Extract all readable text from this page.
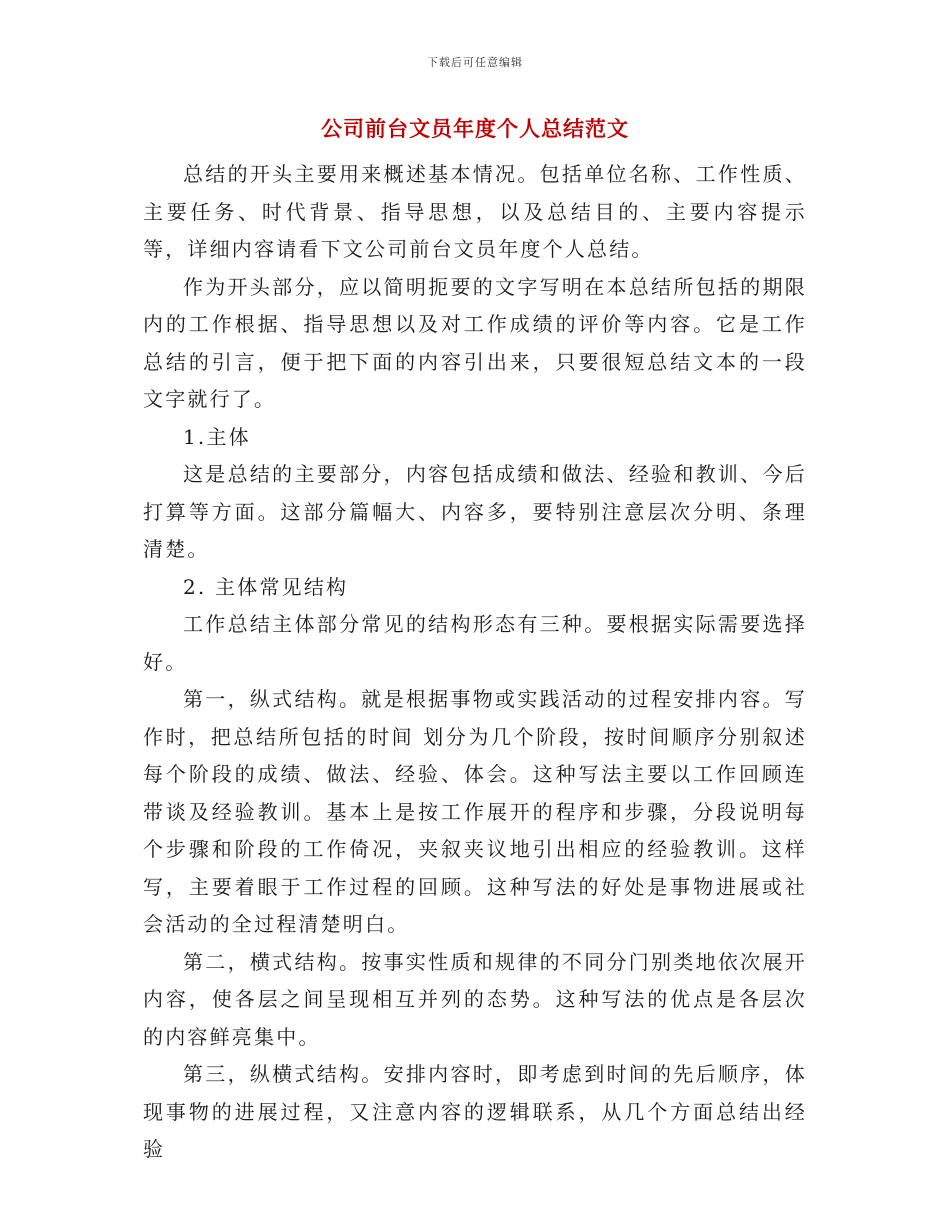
下载后可任意编辑
公司前台文员年度个人总结范文

总结的开头主要用来概述基本情况。包括单位名称、工作性质、主要任务、时代背景、指导思想，以及总结目的、主要内容提示等，详细内容请看下文公司前台文员年度个人总结。

作为开头部分，应以简明扼要的文字写明在本总结所包括的期限内的工作根据、指导思想以及对工作成绩的评价等内容。它是工作总结的引言，便于把下面的内容引出来，只要很短总结文本的一段文字就行了。

1.主体

这是总结的主要部分，内容包括成绩和做法、经验和教训、今后打算等方面。这部分篇幅大、内容多，要特别注意层次分明、条理清楚。

2. 主体常见结构

工作总结主体部分常见的结构形态有三种。要根据实际需要选择好。

第一，纵式结构。就是根据事物或实践活动的过程安排内容。写作时，把总结所包括的时间 划分为几个阶段，按时间顺序分别叙述每个阶段的成绩、做法、经验、体会。这种写法主要以工作回顾连带谈及经验教训。基本上是按工作展开的程序和步骤，分段说明每个步骤和阶段的工作倚况，夹叙夹议地引出相应的经验教训。这样写，主要着眼于工作过程的回顾。这种写法的好处是事物进展或社会活动的全过程清楚明白。

第二，横式结构。按事实性质和规律的不同分门别类地依次展开内容，使各层之间呈现相互并列的态势。这种写法的优点是各层次的内容鲜亮集中。

第三，纵横式结构。安排内容时，即考虑到时间的先后顺序，体现事物的进展过程，又注意内容的逻辑联系，从几个方面总结出经验
